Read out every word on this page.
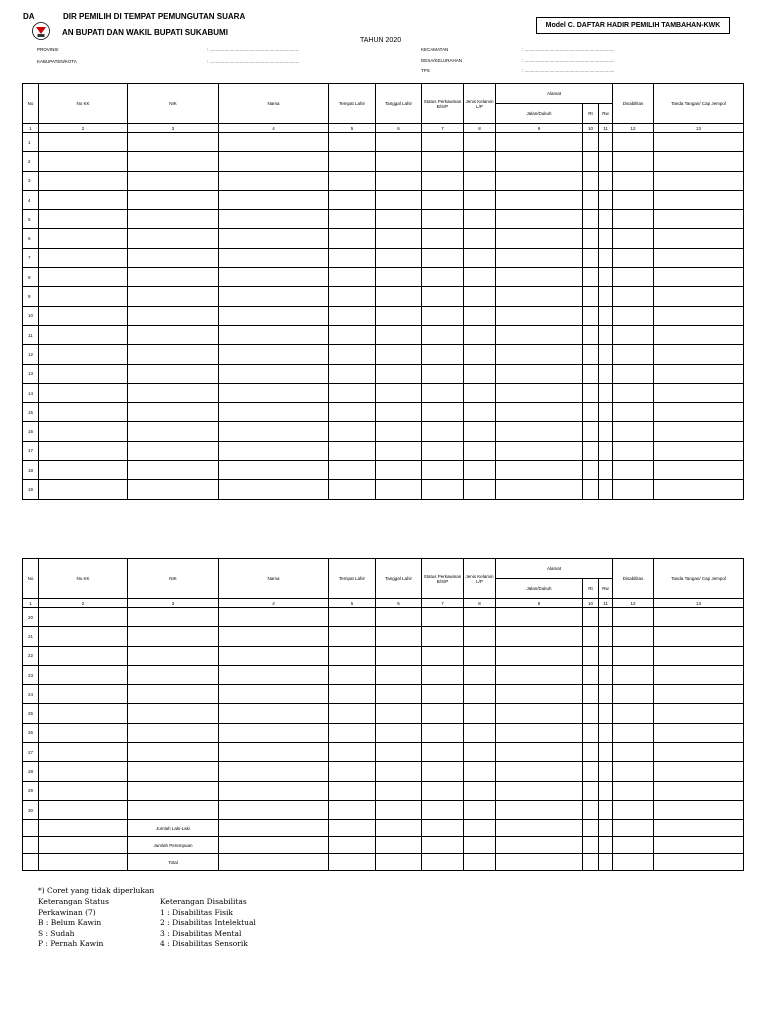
DA	DIR PEMILIH DI TEMPAT PEMUNGUTAN SUARA
AN BUPATI DAN WAKIL BUPATI SUKABUMI
Model C. DAFTAR HADIR PEMILIH TAMBAHAN-KWK
TAHUN 2020
PROVINSI	: ........................................................................
KABUPATEN/KOTA	: ........................................................................
KECAMATAN	: ........................................................................
DESA/KELURAHAN	: ........................................................................
TPS	: ........................................................................
No	No KK	NIK	Nama	Tempat Lahir	Tanggal Lahir	Status Perkawinan B/S/P	Jenis Kelamin L/P	Alamat			Disabilitas	Tanda Tangan/ Cap Jempol
								Jalan/Dukuh	Rt	Rw		
1	2	3	4	5	6	7	8	9	10	11	12	13
1												
2												
3												
4												
5												
6												
7												
8												
9												
10												
11												
12												
13												
14												
15												
16												
17												
18												
19												
No	No KK	NIK	Nama	Tempat Lahir	Tanggal Lahir	Status Perkawinan B/S/P	Jenis Kelamin L/P	Alamat			Disabilitas	Tanda Tangan/ Cap Jempol
								Jalan/Dukuh	Rt	Rw		
1	2	3	4	5	6	7	8	9	10	11	12	13
20												
21												
22												
23												
24												
25												
26												
27												
28												
29												
30												
		Jumlah Laki-Laki										
		Jumlah Perempuan										
		Total										
*) Coret yang tidak diperlukan
Keterangan Status
Perkawinan (7)
B : Belum Kawin
S : Sudah
P : Pernah Kawin
Keterangan Disabilitas
1 : Disabilitas Fisik
2 : Disabilitas Intelektual
3 : Disabilitas Mental
4 : Disabilitas Sensorik
